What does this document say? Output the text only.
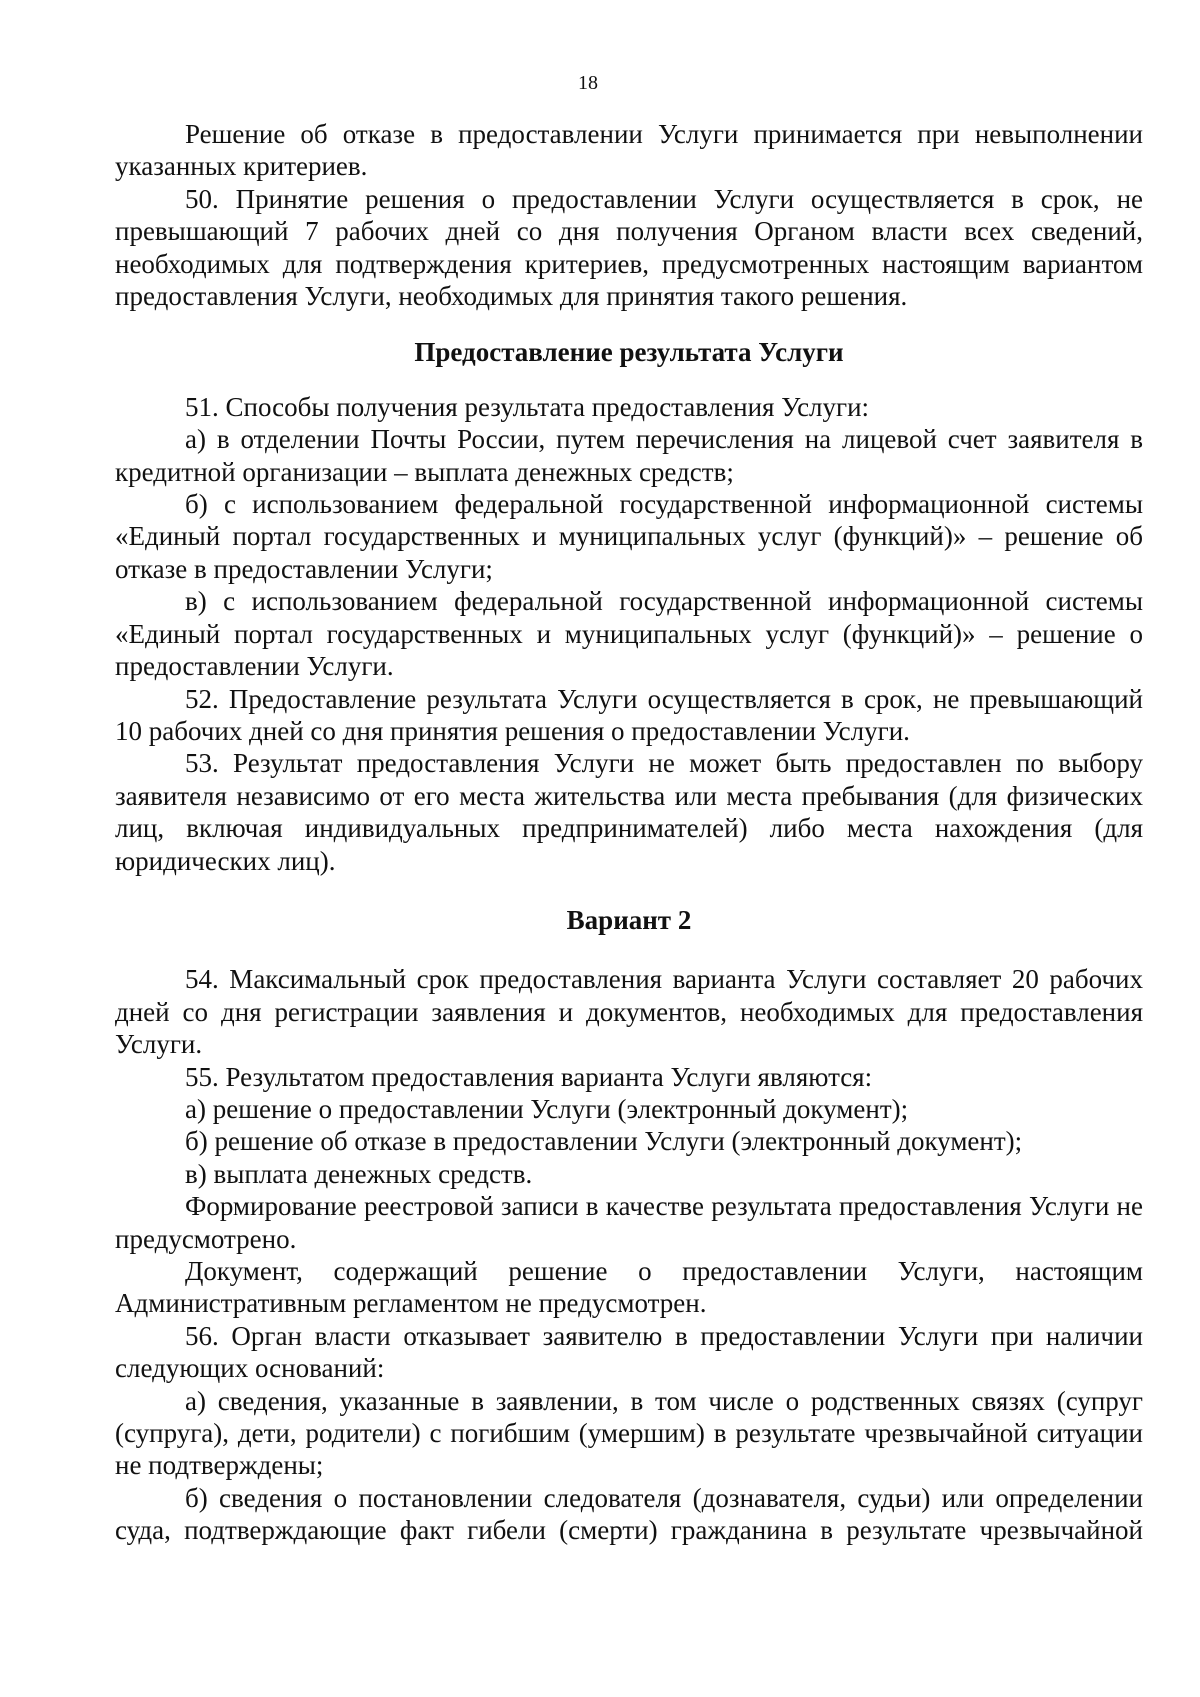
18

Решение об отказе в предоставлении Услуги принимается при невыполнении указанных критериев.

50. Принятие решения о предоставлении Услуги осуществляется в срок, не превышающий 7 рабочих дней со дня получения Органом власти всех сведений, необходимых для подтверждения критериев, предусмотренных настоящим вариантом предоставления Услуги, необходимых для принятия такого решения.

Предоставление результата Услуги

51. Способы получения результата предоставления Услуги:

а) в отделении Почты России, путем перечисления на лицевой счет заявителя в кредитной организации – выплата денежных средств;

б) с использованием федеральной государственной информационной системы «Единый портал государственных и муниципальных услуг (функций)» – решение об отказе в предоставлении Услуги;

в) с использованием федеральной государственной информационной системы «Единый портал государственных и муниципальных услуг (функций)» – решение о предоставлении Услуги.

52. Предоставление результата Услуги осуществляется в срок, не превышающий 10 рабочих дней со дня принятия решения о предоставлении Услуги.

53. Результат предоставления Услуги не может быть предоставлен по выбору заявителя независимо от его места жительства или места пребывания (для физических лиц, включая индивидуальных предпринимателей) либо места нахождения (для юридических лиц).

Вариант 2

54. Максимальный срок предоставления варианта Услуги составляет 20 рабочих дней со дня регистрации заявления и документов, необходимых для предоставления Услуги.

55. Результатом предоставления варианта Услуги являются:

а) решение о предоставлении Услуги (электронный документ);

б) решение об отказе в предоставлении Услуги (электронный документ);

в) выплата денежных средств.

Формирование реестровой записи в качестве результата предоставления Услуги не предусмотрено.

Документ, содержащий решение о предоставлении Услуги, настоящим Административным регламентом не предусмотрен.

56. Орган власти отказывает заявителю в предоставлении Услуги при наличии следующих оснований:

а) сведения, указанные в заявлении, в том числе о родственных связях (супруг (супруга), дети, родители) с погибшим (умершим) в результате чрезвычайной ситуации не подтверждены;

б) сведения о постановлении следователя (дознавателя, судьи) или определении суда, подтверждающие факт гибели (смерти) гражданина в результате чрезвычайной
